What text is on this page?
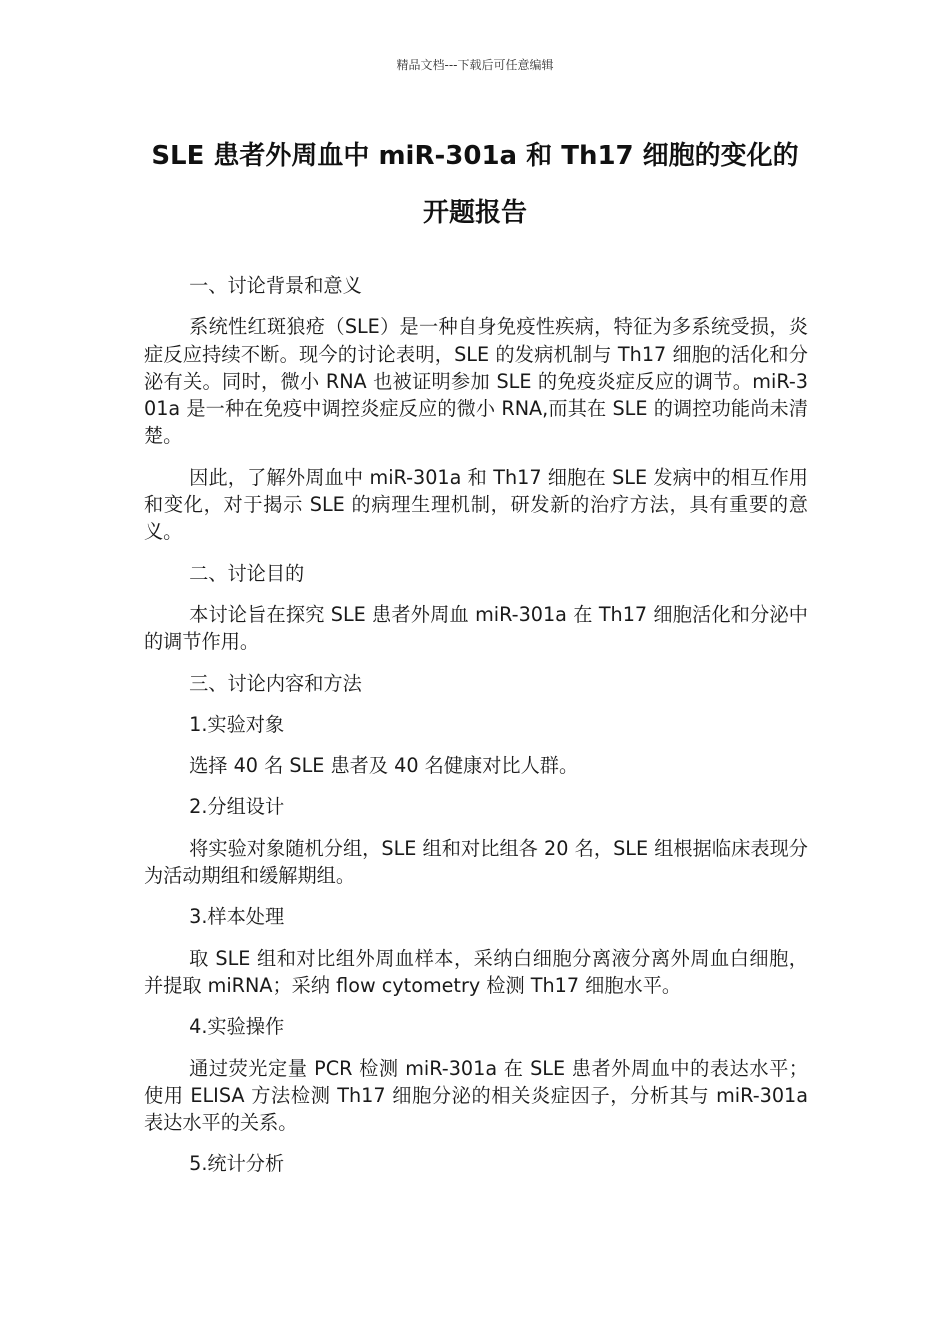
精品文档---下载后可任意编辑
SLE 患者外周血中 miR-301a 和 Th17 细胞的变化的
开题报告

一、讨论背景和意义

系统性红斑狼疮（SLE）是一种自身免疫性疾病，特征为多系统受损，炎症反应持续不断。现今的讨论表明，SLE 的发病机制与 Th17 细胞的活化和分泌有关。同时，微小 RNA 也被证明参加 SLE 的免疫炎症反应的调节。miR-301a 是一种在免疫中调控炎症反应的微小 RNA,而其在 SLE 的调控功能尚未清楚。

因此，了解外周血中 miR-301a 和 Th17 细胞在 SLE 发病中的相互作用和变化，对于揭示 SLE 的病理生理机制，研发新的治疗方法，具有重要的意义。

二、讨论目的

本讨论旨在探究 SLE 患者外周血 miR-301a 在 Th17 细胞活化和分泌中的调节作用。

三、讨论内容和方法

1.实验对象

选择 40 名 SLE 患者及 40 名健康对比人群。

2.分组设计

将实验对象随机分组，SLE 组和对比组各 20 名，SLE 组根据临床表现分为活动期组和缓解期组。

3.样本处理

取 SLE 组和对比组外周血样本，采纳白细胞分离液分离外周血白细胞，并提取 miRNA；采纳 flow cytometry 检测 Th17 细胞水平。

4.实验操作

通过荧光定量 PCR 检测 miR-301a 在 SLE 患者外周血中的表达水平；使用 ELISA 方法检测 Th17 细胞分泌的相关炎症因子，分析其与 miR-301a 表达水平的关系。

5.统计分析
